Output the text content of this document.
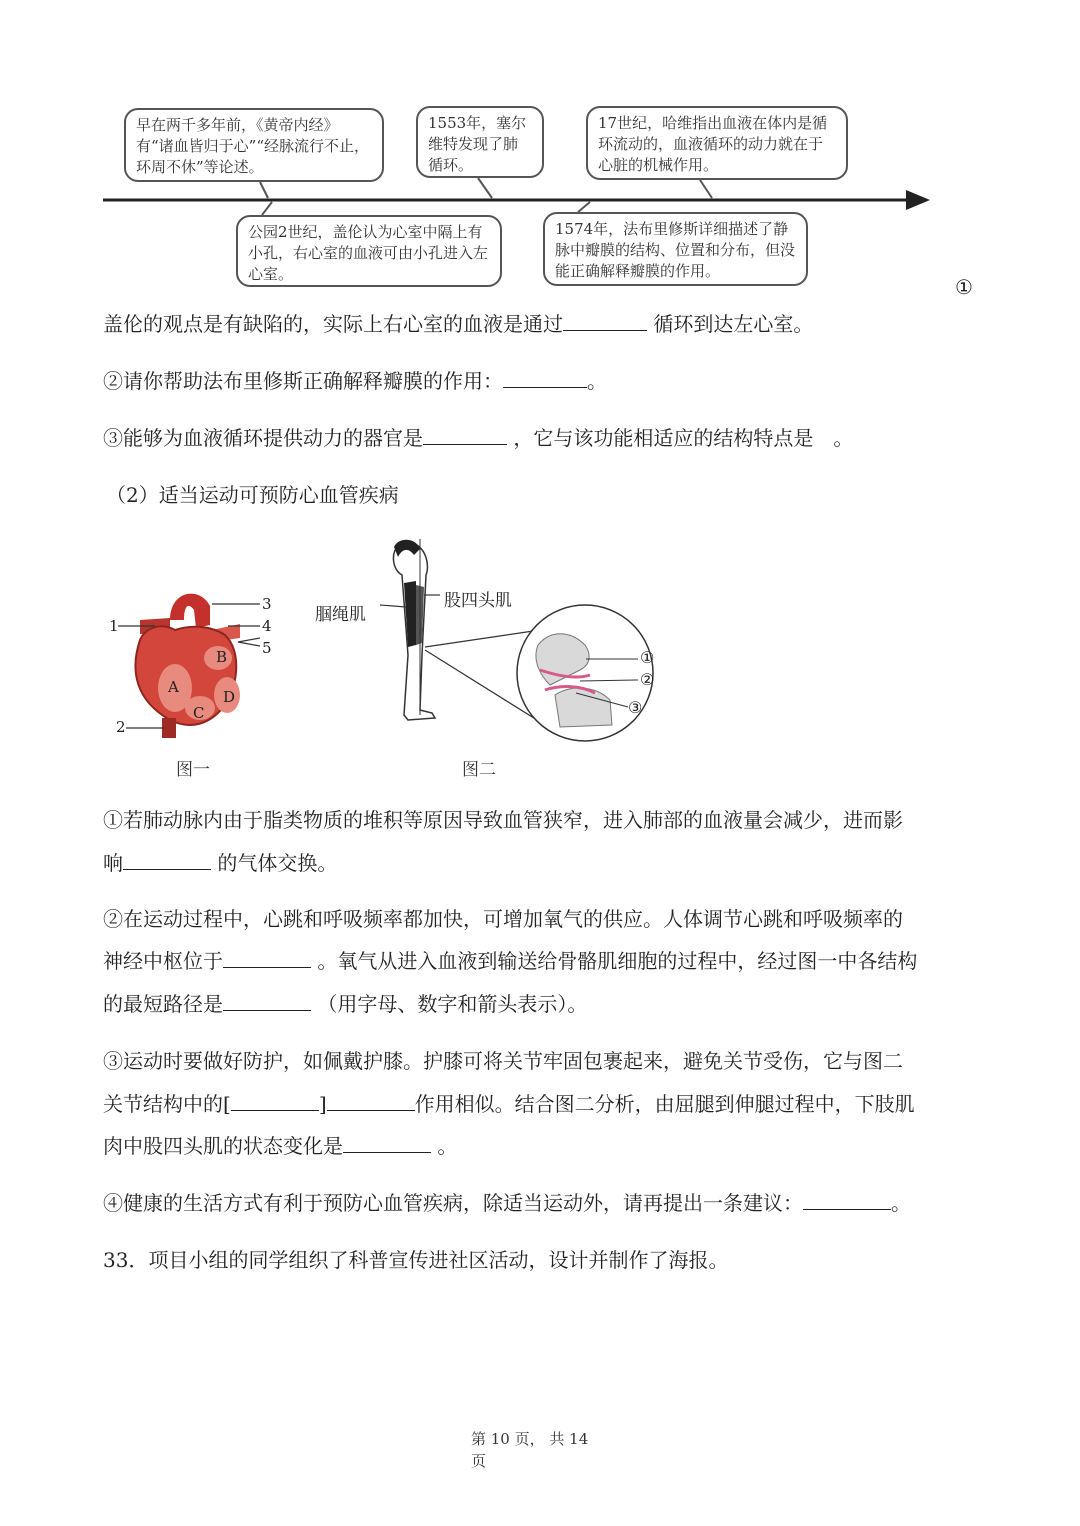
早在两千多年前，《黄帝内经》有“诸血皆归于心”“经脉流行不止，环周不休”等论述。
1553年，塞尔维特发现了肺循环。
17世纪，哈维指出血液在体内是循环流动的，血液循环的动力就在于心脏的机械作用。
公园2世纪，盖伦认为心室中隔上有小孔，右心室的血液可由小孔进入左心室。
1574年，法布里修斯详细描述了静脉中瓣膜的结构、位置和分布，但没能正确解释瓣膜的作用。
①
盖伦的观点是有缺陷的，实际上右心室的血液是通过	循环到达左心室。
②请你帮助法布里修斯正确解释瓣膜的作用：	。
③能够为血液循环提供动力的器官是	，它与该功能相适应的结构特点是　。
（2）适当运动可预防心血管疾病
1
2
3
4
5
A
B
C
D
图一
腘绳肌
股四头肌
①
②
③
图二
①若肺动脉内由于脂类物质的堆积等原因导致血管狭窄，进入肺部的血液量会减少，进而影
响	的气体交换。
②在运动过程中，心跳和呼吸频率都加快，可增加氧气的供应。人体调节心跳和呼吸频率的
神经中枢位于	。氧气从进入血液到输送给骨骼肌细胞的过程中，经过图一中各结构
的最短路径是	（用字母、数字和箭头表示）。
③运动时要做好防护，如佩戴护膝。护膝可将关节牢固包裹起来，避免关节受伤，它与图二
关节结构中的[	]	作用相似。结合图二分析，由屈腿到伸腿过程中，下肢肌
肉中股四头肌的状态变化是	。
④健康的生活方式有利于预防心血管疾病，除适当运动外，请再提出一条建议：	。
33．项目小组的同学组织了科普宣传进社区活动，设计并制作了海报。
第 10 页， 共 14
页
